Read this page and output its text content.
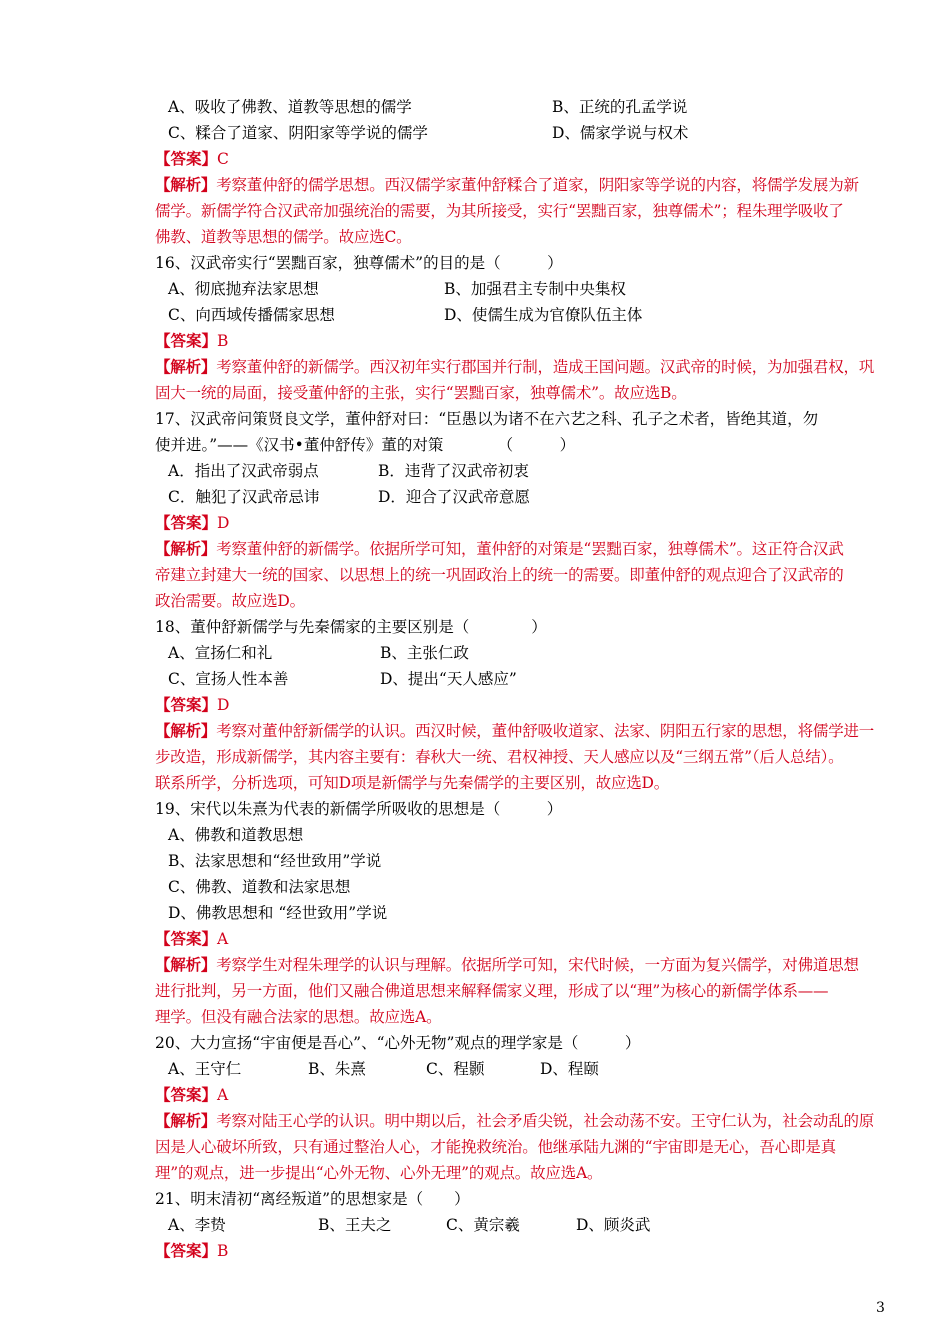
A、吸收了佛教、道教等思想的儒学	B、正统的孔孟学说
C、糅合了道家、阴阳家等学说的儒学	D、儒家学说与权术
【答案】C
【解析】考察董仲舒的儒学思想。西汉儒学家董仲舒糅合了道家，阴阳家等学说的内容，将儒学发展为新
儒学。新儒学符合汉武帝加强统治的需要，为其所接受，实行“罢黜百家，独尊儒术”；程朱理学吸收了
佛教、道教等思想的儒学。故应选C。
16、汉武帝实行“罢黜百家，独尊儒术”的目的是（　　　）
A、彻底抛弃法家思想	B、加强君主专制中央集权
C、向西域传播儒家思想	D、使儒生成为官僚队伍主体
【答案】B
【解析】考察董仲舒的新儒学。西汉初年实行郡国并行制，造成王国问题。汉武帝的时候，为加强君权，巩
固大一统的局面，接受董仲舒的主张，实行“罢黜百家，独尊儒术”。故应选B。
17、汉武帝问策贤良文学，董仲舒对曰：“臣愚以为诸不在六艺之科、孔子之术者，皆绝其道，勿
使并进。”——《汉书•董仲舒传》董的对策　　　　（　　　）
A．指出了汉武帝弱点	B．违背了汉武帝初衷
C．触犯了汉武帝忌讳	D．迎合了汉武帝意愿
【答案】D
【解析】考察董仲舒的新儒学。依据所学可知，董仲舒的对策是“罢黜百家，独尊儒术”。这正符合汉武
帝建立封建大一统的国家、以思想上的统一巩固政治上的统一的需要。即董仲舒的观点迎合了汉武帝的
政治需要。故应选D。
18、董仲舒新儒学与先秦儒家的主要区别是（　　　　）
A、宣扬仁和礼	B、主张仁政
C、宣扬人性本善	D、提出“天人感应”
【答案】D
【解析】考察对董仲舒新儒学的认识。西汉时候，董仲舒吸收道家、法家、阴阳五行家的思想，将儒学进一
步改造，形成新儒学，其内容主要有：春秋大一统、君权神授、天人感应以及“三纲五常”（后人总结）。
联系所学，分析选项，可知D项是新儒学与先秦儒学的主要区别，故应选D。
19、宋代以朱熹为代表的新儒学所吸收的思想是（　　　）
A、佛教和道教思想
B、法家思想和“经世致用”学说
C、佛教、道教和法家思想
D、佛教思想和 “经世致用”学说
【答案】A
【解析】考察学生对程朱理学的认识与理解。依据所学可知，宋代时候，一方面为复兴儒学，对佛道思想
进行批判，另一方面，他们又融合佛道思想来解释儒家义理，形成了以“理”为核心的新儒学体系——
理学。但没有融合法家的思想。故应选A。
20、大力宣扬“宇宙便是吾心”、“心外无物”观点的理学家是（　　　）
A、王守仁	B、朱熹	C、程颢	D、程颐
【答案】A
【解析】考察对陆王心学的认识。明中期以后，社会矛盾尖锐，社会动荡不安。王守仁认为，社会动乱的原
因是人心破坏所致，只有通过整治人心，才能挽救统治。他继承陆九渊的“宇宙即是无心，吾心即是真
理”的观点，进一步提出“心外无物、心外无理”的观点。故应选A。
21、明末清初“离经叛道”的思想家是（　　）
A、李贽	B、王夫之	C、黄宗羲	D、顾炎武
【答案】B
3
